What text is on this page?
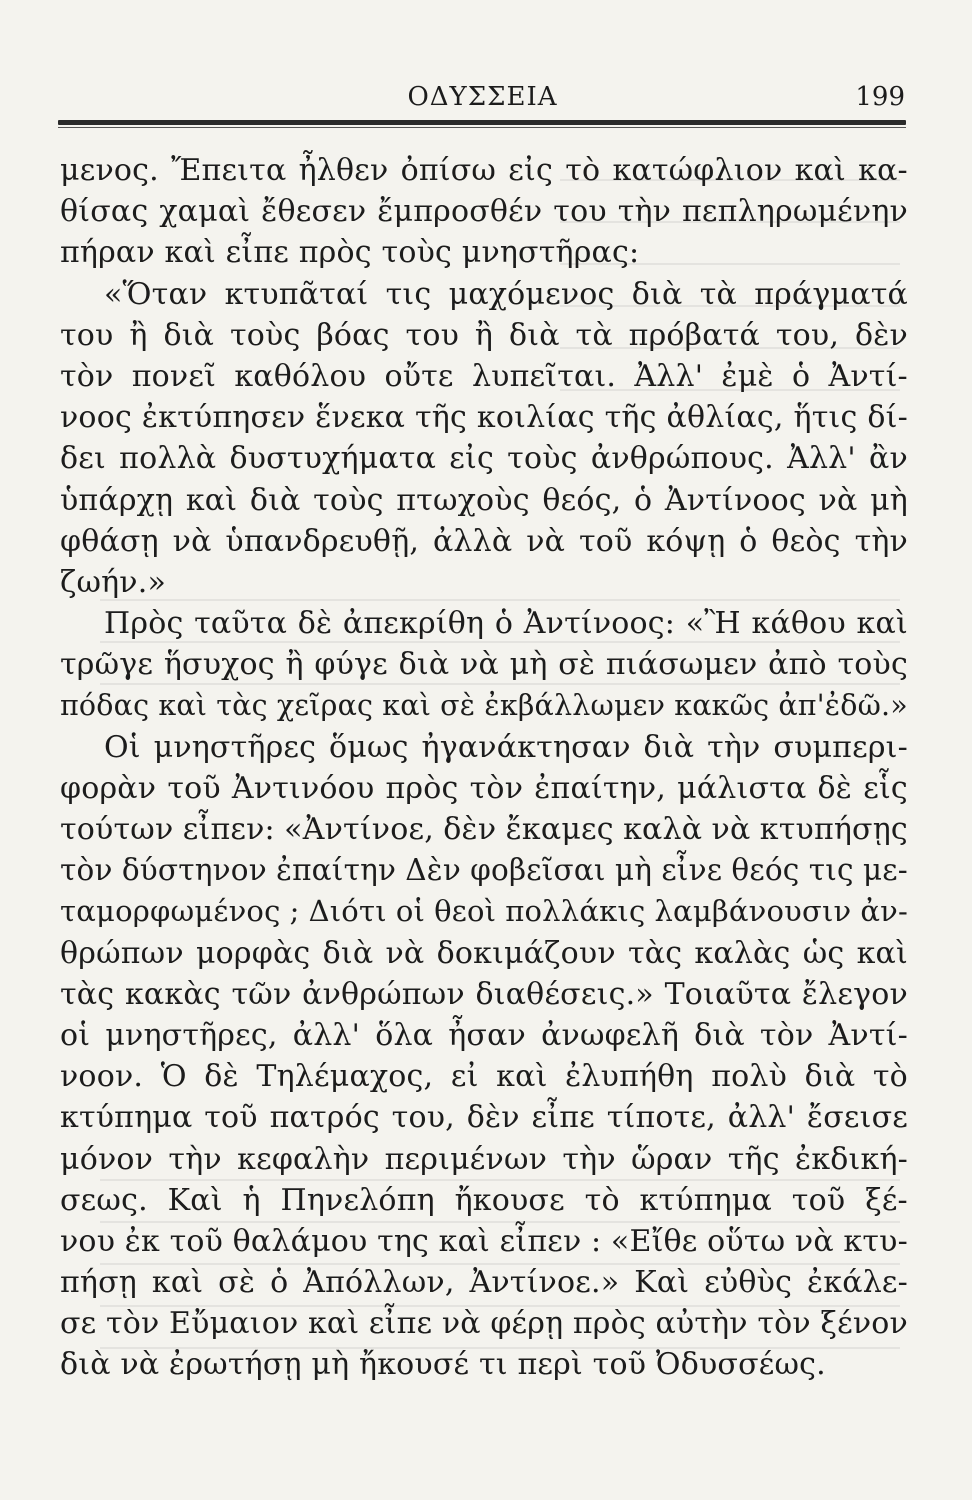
ΟΔΥΣΣΕΙΑ	199
μενος. Ἔπειτα ἦλθεν ὀπίσω εἰς τὸ κατώφλιον καὶ κα-
θίσας χαμαὶ ἔθεσεν ἔμπροσθέν του τὴν πεπληρωμένην
πήραν καὶ εἶπε πρὸς τοὺς μνηστῆρας:
«Ὅταν κτυπᾶταί τις μαχόμενος διὰ τὰ πράγματά
του ἢ διὰ τοὺς βόας του ἢ διὰ τὰ πρόβατά του, δὲν
τὸν πονεῖ καθόλου οὔτε λυπεῖται. Ἀλλ' ἐμὲ ὁ Ἀντί-
νοος ἐκτύπησεν ἕνεκα τῆς κοιλίας τῆς ἀθλίας, ἥτις δί-
δει πολλὰ δυστυχήματα εἰς τοὺς ἀνθρώπους. Ἀλλ' ἂν
ὑπάρχῃ καὶ διὰ τοὺς πτωχοὺς θεός, ὁ Ἀντίνοος νὰ μὴ
φθάσῃ νὰ ὑπανδρευθῇ, ἀλλὰ νὰ τοῦ κόψῃ ὁ θεὸς τὴν
ζωήν.»
Πρὸς ταῦτα δὲ ἀπεκρίθη ὁ Ἀντίνοος: «Ἢ κάθου καὶ
τρῶγε ἥσυχος ἢ φύγε διὰ νὰ μὴ σὲ πιάσωμεν ἀπὸ τοὺς
πόδας καὶ τὰς χεῖρας καὶ σὲ ἐκβάλλωμεν κακῶς ἀπ'ἐδῶ.»
Οἱ μνηστῆρες ὅμως ἠγανάκτησαν διὰ τὴν συμπερι-
φορὰν τοῦ Ἀντινόου πρὸς τὸν ἐπαίτην, μάλιστα δὲ εἷς
τούτων εἶπεν: «Ἀντίνοε, δὲν ἔκαμες καλὰ νὰ κτυπήσῃς
τὸν δύστηνον ἐπαίτην Δὲν φοβεῖσαι μὴ εἶνε θεός τις με-
ταμορφωμένος ; Διότι οἱ θεοὶ πολλάκις λαμβάνουσιν ἀν-
θρώπων μορφὰς διὰ νὰ δοκιμάζουν τὰς καλὰς ὡς καὶ
τὰς κακὰς τῶν ἀνθρώπων διαθέσεις.» Τοιαῦτα ἔλεγον
οἱ μνηστῆρες, ἀλλ' ὅλα ἦσαν ἀνωφελῆ διὰ τὸν Ἀντί-
νοον. Ὁ δὲ Τηλέμαχος, εἰ καὶ ἐλυπήθη πολὺ διὰ τὸ
κτύπημα τοῦ πατρός του, δὲν εἶπε τίποτε, ἀλλ' ἔσεισε
μόνον τὴν κεφαλὴν περιμένων τὴν ὥραν τῆς ἐκδική-
σεως. Καὶ ἡ Πηνελόπη ἤκουσε τὸ κτύπημα τοῦ ξέ-
νου ἐκ τοῦ θαλάμου της καὶ εἶπεν : «Εἴθε οὕτω νὰ κτυ-
πήσῃ καὶ σὲ ὁ Ἀπόλλων, Ἀντίνοε.» Καὶ εὐθὺς ἐκάλε-
σε τὸν Εὔμαιον καὶ εἶπε νὰ φέρῃ πρὸς αὐτὴν τὸν ξένον
διὰ νὰ ἐρωτήσῃ μὴ ἤκουσέ τι περὶ τοῦ Ὀδυσσέως.
